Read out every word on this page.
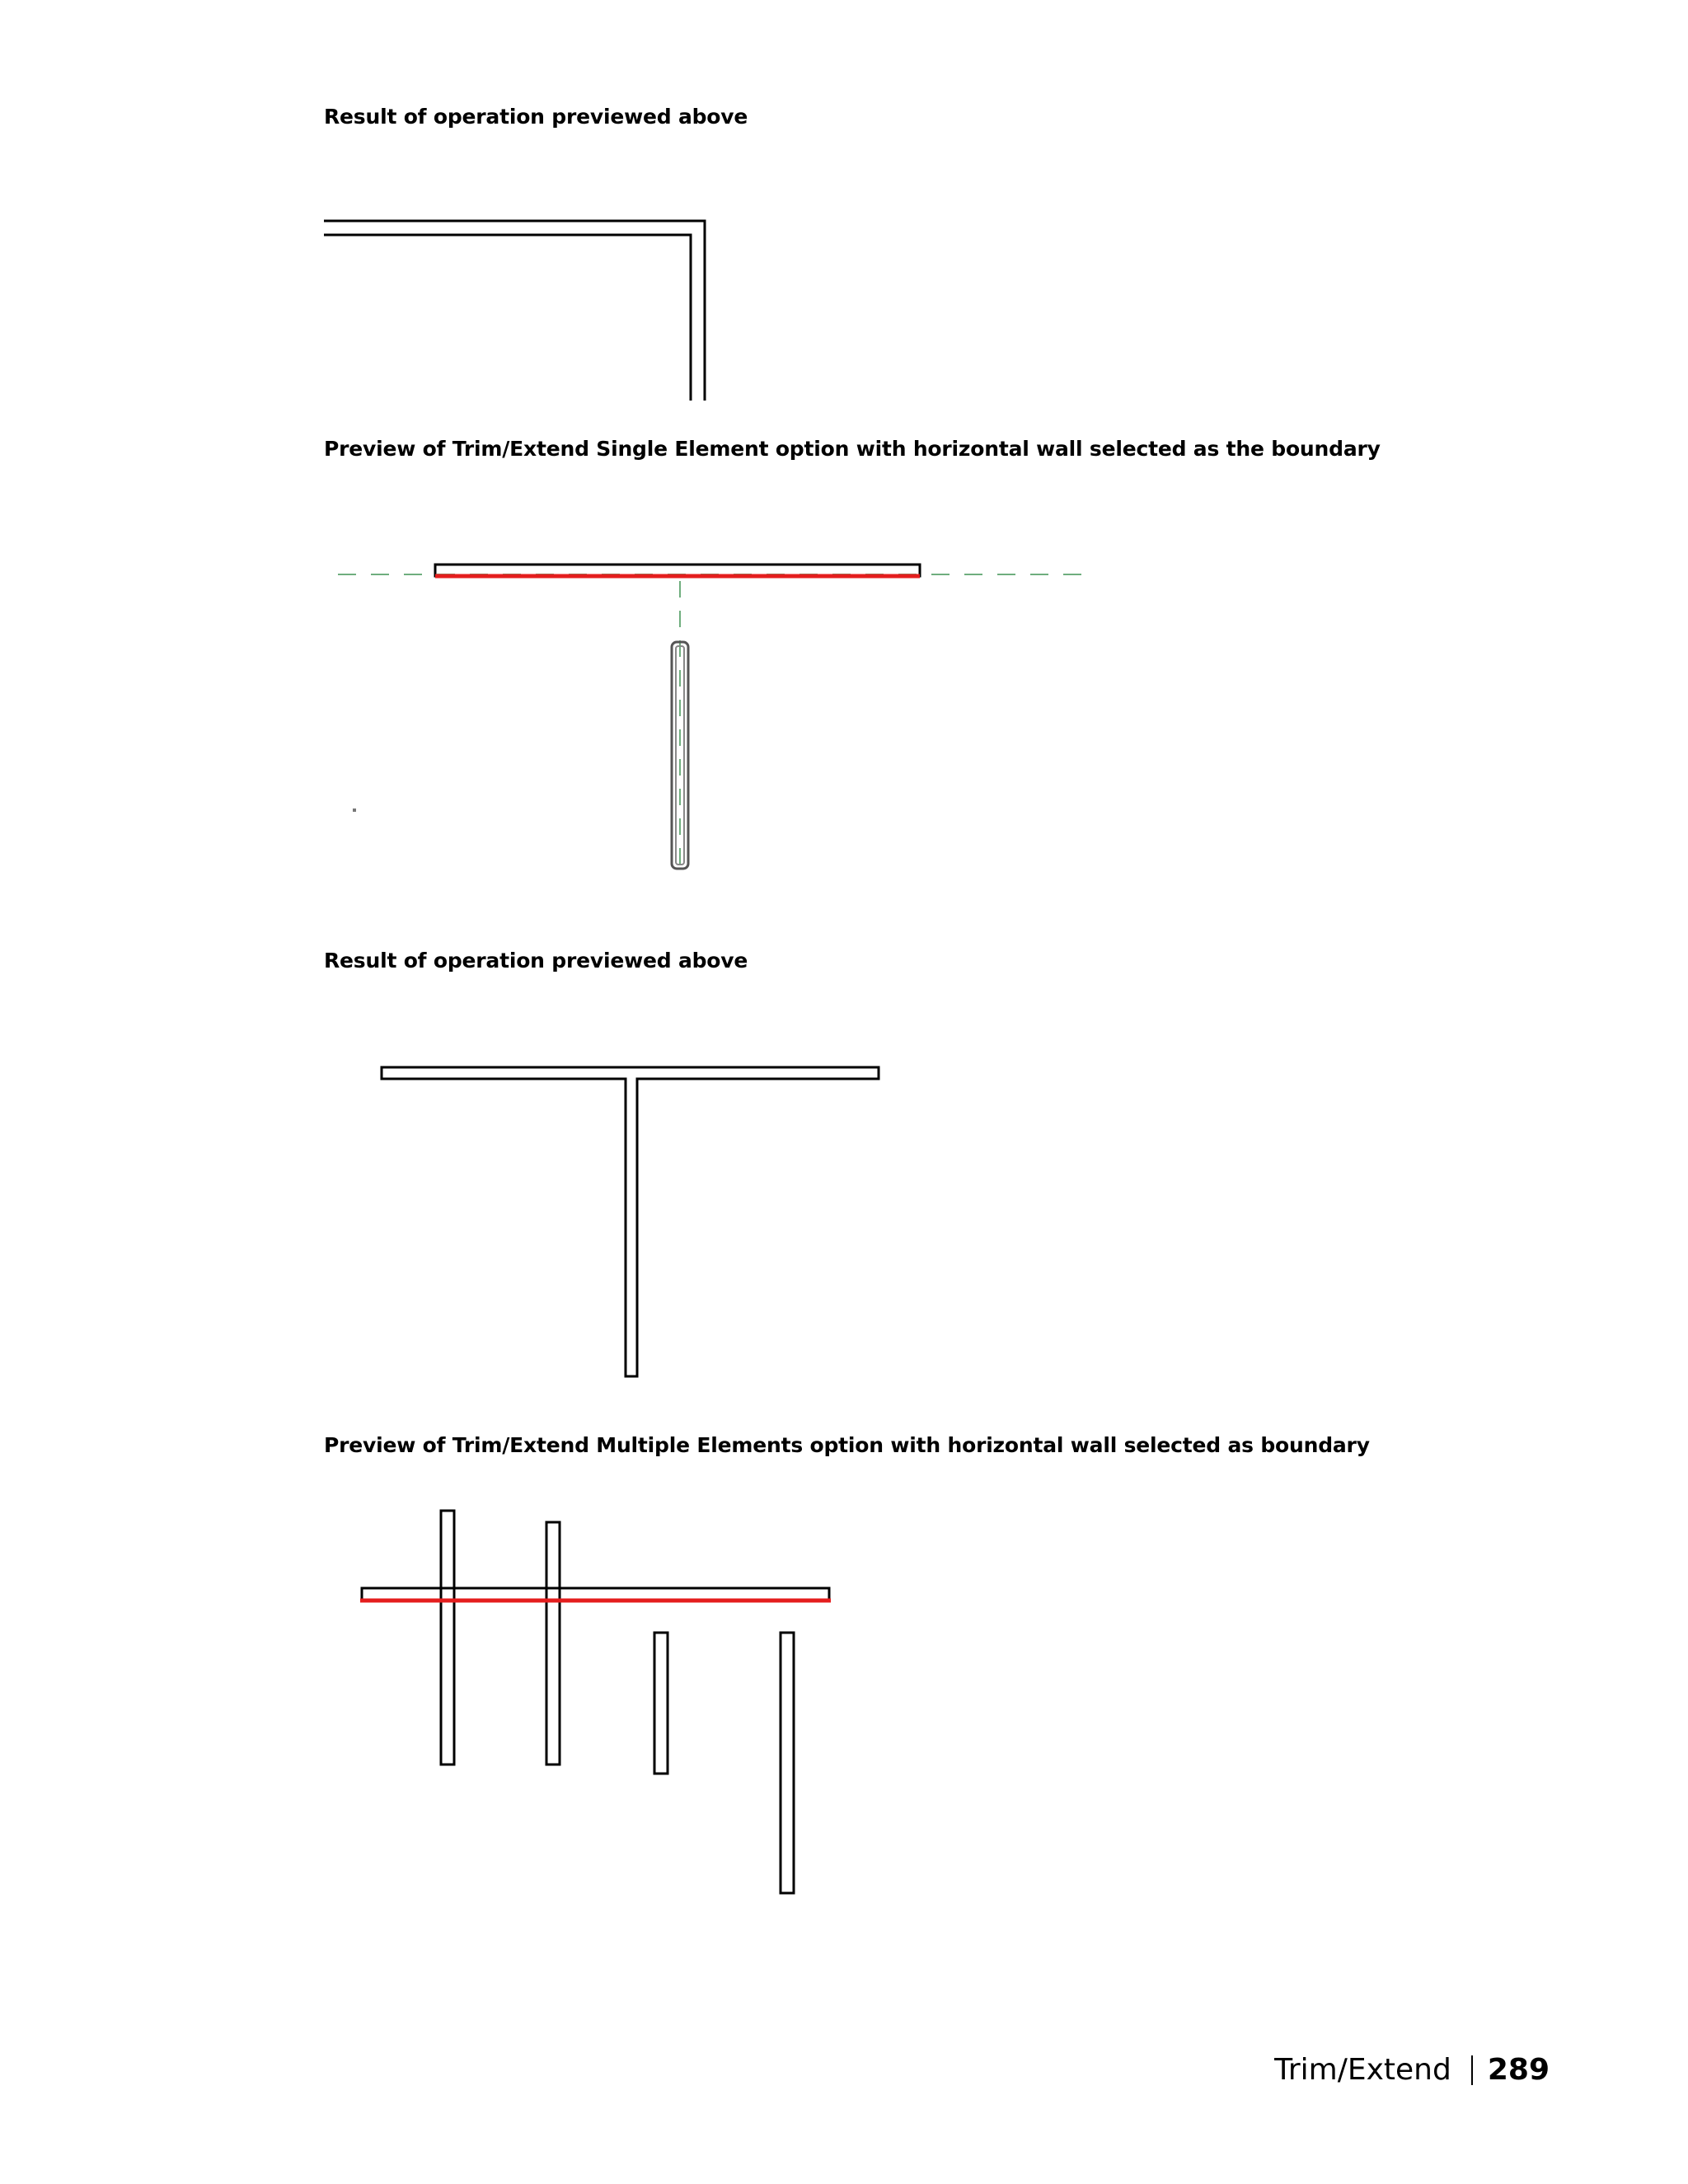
Result of operation previewed above
Preview of Trim/Extend Single Element option with horizontal wall selected as the boundary
Result of operation previewed above
Preview of Trim/Extend Multiple Elements option with horizontal wall selected as boundary
Trim/Extend 289
